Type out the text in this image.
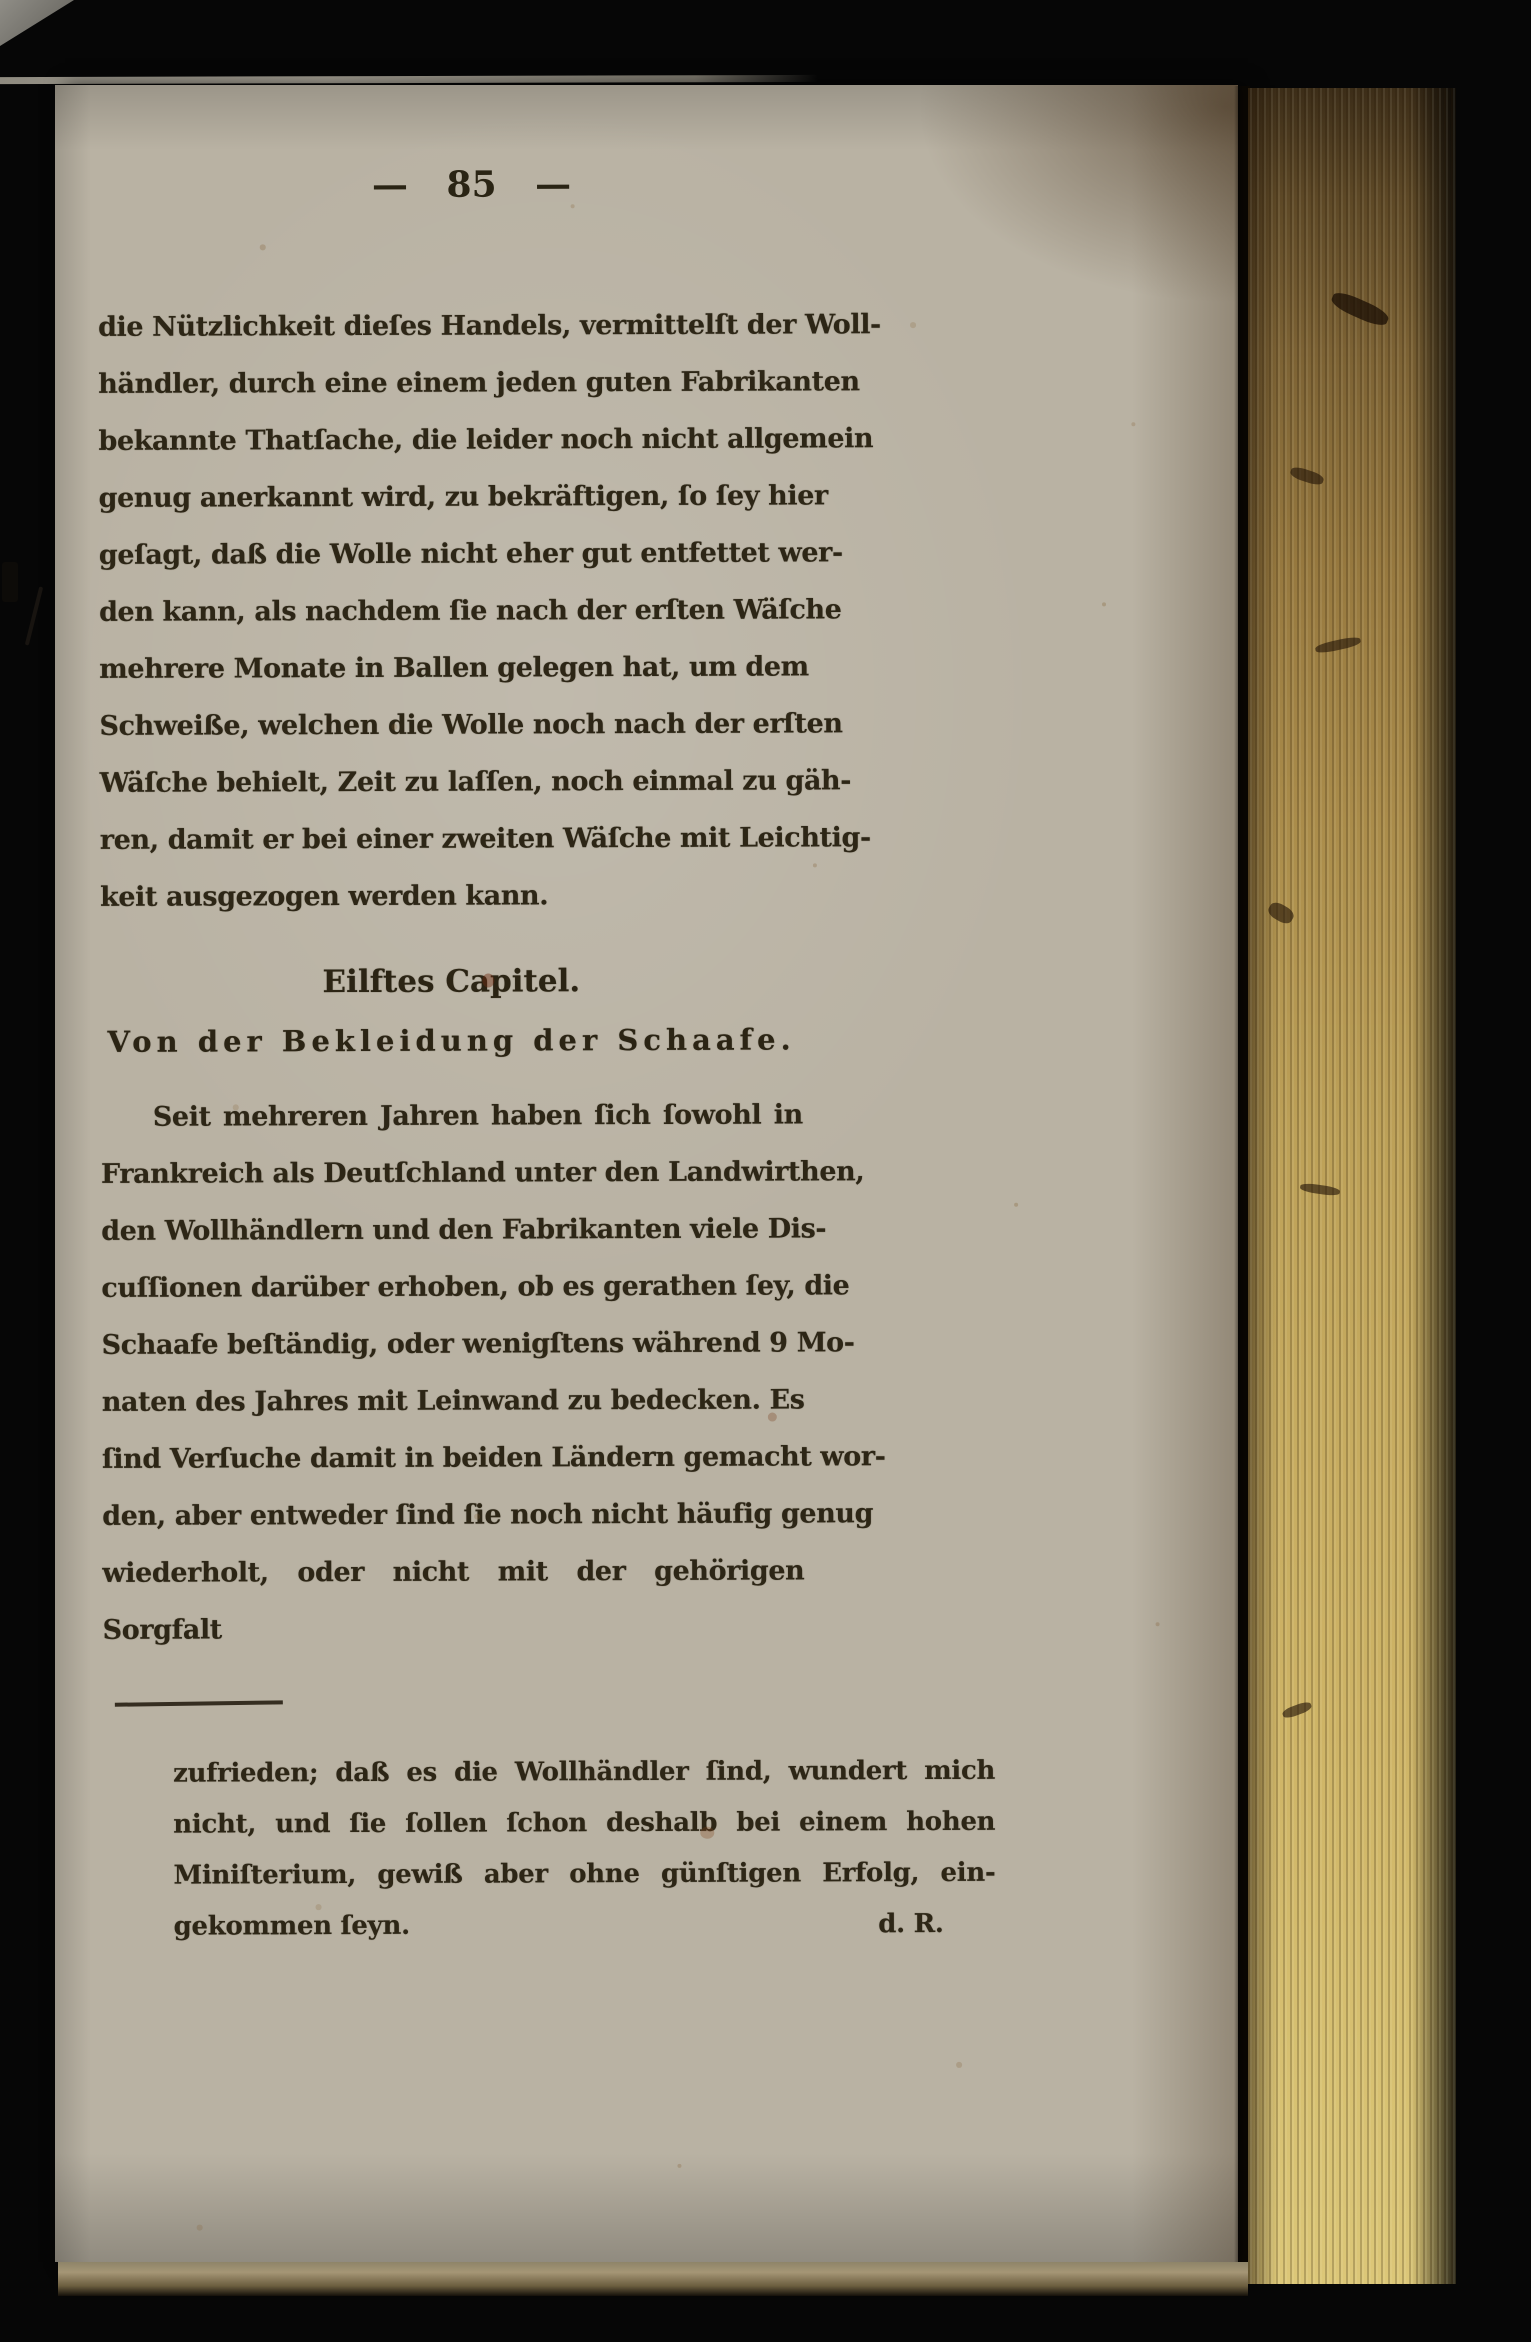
— 85 —
die Nützlichkeit dieſes Handels, vermittelſt der Woll-
händler, durch eine einem jeden guten Fabrikanten
bekannte Thatſache, die leider noch nicht allgemein
genug anerkannt wird, zu bekräftigen, ſo ſey hier
geſagt, daß die Wolle nicht eher gut entfettet wer-
den kann, als nachdem ſie nach der erſten Wäſche
mehrere Monate in Ballen gelegen hat, um dem
Schweiße, welchen die Wolle noch nach der erſten
Wäſche behielt, Zeit zu laſſen, noch einmal zu gäh-
ren, damit er bei einer zweiten Wäſche mit Leichtig-
keit ausgezogen werden kann.
Eilftes Capitel.
Von der Bekleidung der Schaafe.
Seit mehreren Jahren haben ſich ſowohl in
Frankreich als Deutſchland unter den Landwirthen,
den Wollhändlern und den Fabrikanten viele Dis-
cuſſionen darüber erhoben, ob es gerathen ſey, die
Schaafe beſtändig, oder wenigſtens während 9 Mo-
naten des Jahres mit Leinwand zu bedecken. Es
ſind Verſuche damit in beiden Ländern gemacht wor-
den, aber entweder ſind ſie noch nicht häufig genug
wiederholt, oder nicht mit der gehörigen Sorgfalt
zufrieden; daß es die Wollhändler ſind, wundert mich
nicht, und ſie ſollen ſchon deshalb bei einem hohen
Miniſterium, gewiß aber ohne günſtigen Erfolg, ein-
gekommen ſeyn.	d. R.
